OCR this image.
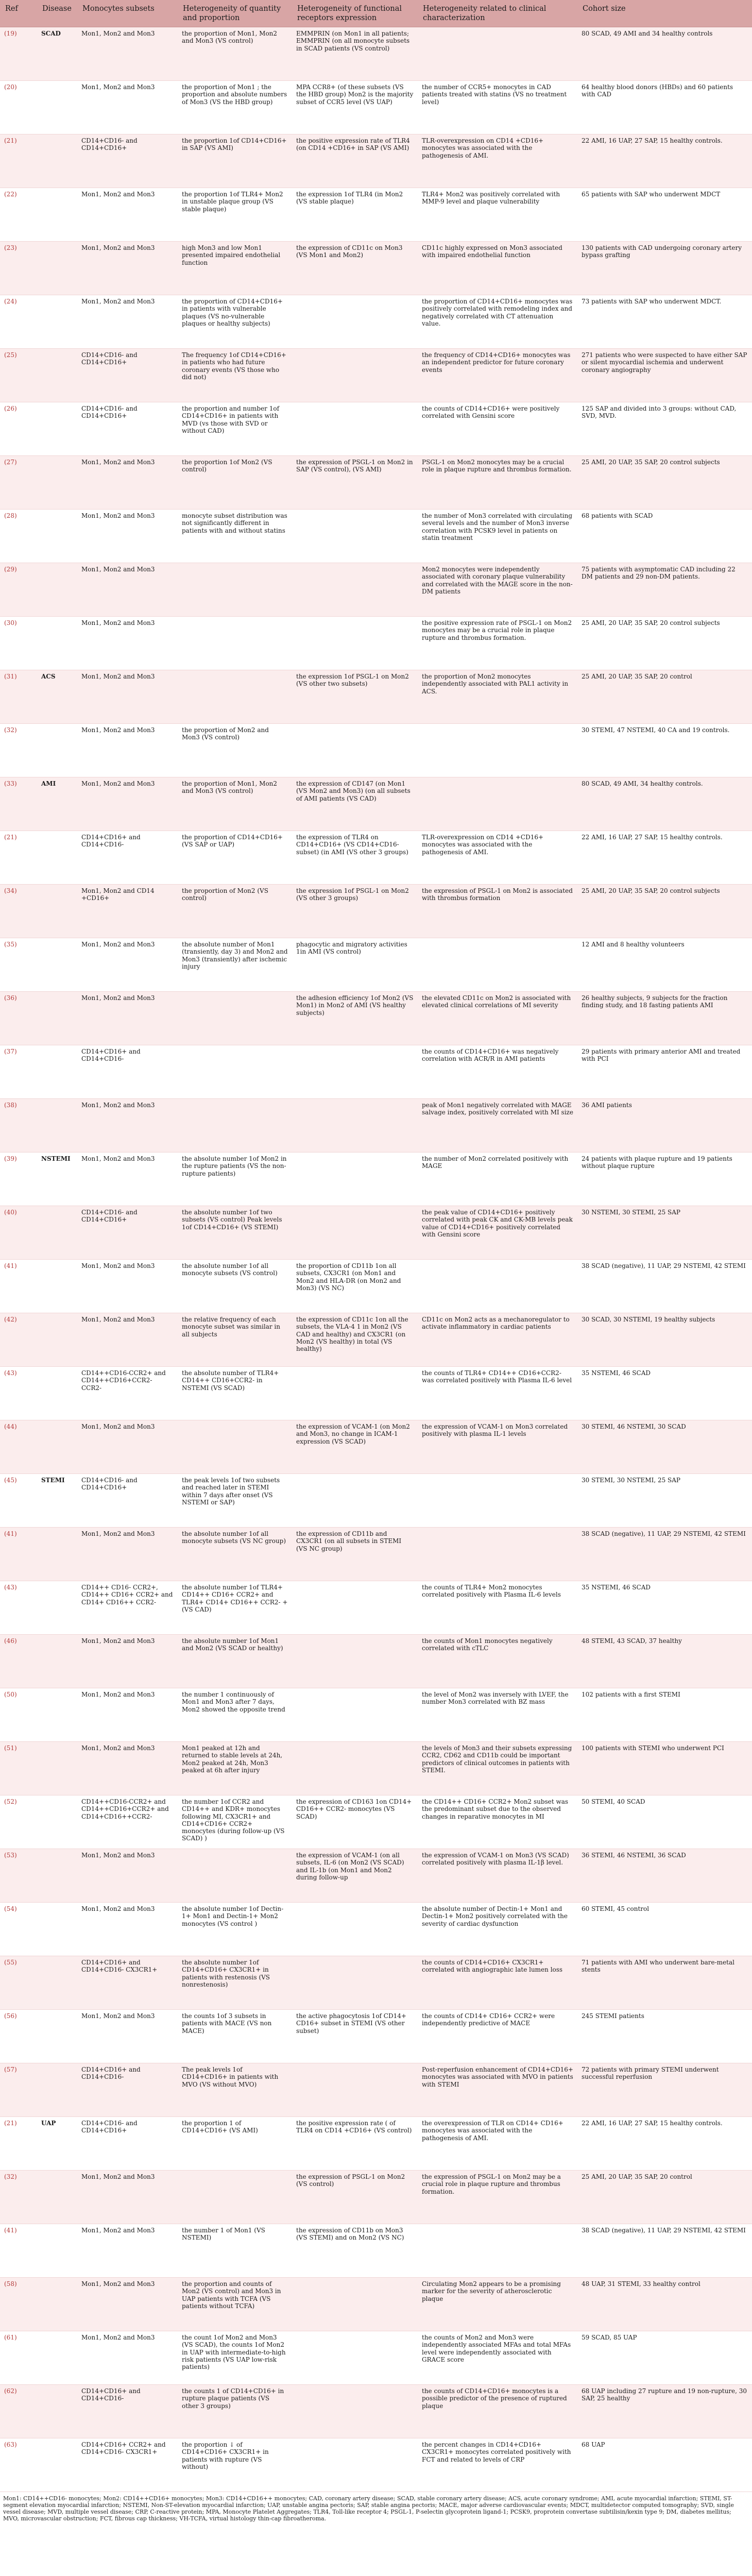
Ref	Disease	Monocytes subsets	Heterogeneity of quantity and proportion	Heterogeneity of functional receptors expression	Heterogeneity related to clinical characterization	Cohort size
(19)	SCAD	Mon1, Mon2 and Mon3	the proportion of Mon1, Mon2 and Mon3 (VS control)	EMMPRIN (on Mon1 in all patients; EMMPRIN (on all monocyte subsets in SCAD patients (VS control)		80 SCAD, 49 AMI and 34 healthy controls
(20)		Mon1, Mon2 and Mon3	the proportion of Mon1 ; the proportion and absolute numbers of Mon3 (VS the HBD group)	MPA CCR8+ (of these subsets (VS the HBD group) Mon2 is the majority subset of CCR5 level (VS UAP)	the number of CCR5+ monocytes in CAD patients treated with statins (VS no treatment level)	64 healthy blood donors (HBDs) and 60 patients with CAD
(21)		CD14+CD16- and CD14+CD16+	the proportion 1of CD14+CD16+ in SAP (VS AMI)	the positive expression rate of TLR4 (on CD14 +CD16+ in SAP (VS AMI)	TLR-overexpression on CD14 +CD16+ monocytes was associated with the pathogenesis of AMI.	22 AMI, 16 UAP, 27 SAP, 15 healthy controls.
(22)		Mon1, Mon2 and Mon3	the proportion 1of TLR4+ Mon2 in unstable plaque group (VS stable plaque)	the expression 1of TLR4 (in Mon2 (VS stable plaque)	TLR4+ Mon2 was positively correlated with MMP-9 level and plaque vulnerability	65 patients with SAP who underwent MDCT
(23)		Mon1, Mon2 and Mon3	high Mon3 and low Mon1 presented impaired endothelial function	the expression of CD11c on Mon3 (VS Mon1 and Mon2)	CD11c highly expressed on Mon3 associated with impaired endothelial function	130 patients with CAD undergoing coronary artery bypass grafting
(24)		Mon1, Mon2 and Mon3	the proportion of CD14+CD16+ in patients with vulnerable plaques (VS no-vulnerable plaques or healthy subjects)		the proportion of CD14+CD16+ monocytes was positively correlated with remodeling index and negatively correlated with CT attenuation value.	73 patients with SAP who underwent MDCT.
(25)		CD14+CD16- and CD14+CD16+	The frequency 1of CD14+CD16+ in patients who had future coronary events (VS those who did not)		the frequency of CD14+CD16+ monocytes was an independent predictor for future coronary events	271 patients who were suspected to have either SAP or silent myocardial ischemia and underwent coronary angiography
(26)		CD14+CD16- and CD14+CD16+	the proportion and number 1of CD14+CD16+ in patients with MVD (vs those with SVD or without CAD)		the counts of CD14+CD16+ were positively correlated with Gensini score	125 SAP and divided into 3 groups: without CAD, SVD, MVD.
(27)		Mon1, Mon2 and Mon3	the proportion 1of Mon2 (VS control)	the expression of PSGL-1 on Mon2 in SAP (VS control), (VS AMI)	PSGL-1 on Mon2 monocytes may be a crucial role in plaque rupture and thrombus formation.	25 AMI, 20 UAP, 35 SAP, 20 control subjects
(28)		Mon1, Mon2 and Mon3	monocyte subset distribution was not significantly different in patients with and without statins		the number of Mon3 correlated with circulating several levels and the number of Mon3 inverse correlation with PCSK9 level in patients on statin treatment	68 patients with SCAD
(29)		Mon1, Mon2 and Mon3			Mon2 monocytes were independently associated with coronary plaque vulnerability and correlated with the MAGE score in the non-DM patients	75 patients with asymptomatic CAD including 22 DM patients and 29 non-DM patients.
(30)		Mon1, Mon2 and Mon3			the positive expression rate of PSGL-1 on Mon2 monocytes may be a crucial role in plaque rupture and thrombus formation.	25 AMI, 20 UAP, 35 SAP, 20 control subjects
(31)	ACS	Mon1, Mon2 and Mon3		the expression 1of PSGL-1 on Mon2 (VS other two subsets)	the proportion of Mon2 monocytes independently associated with PAL1 activity in ACS.	25 AMI, 20 UAP, 35 SAP, 20 control
(32)		Mon1, Mon2 and Mon3	the proportion of Mon2 and Mon3 (VS control)			30 STEMI, 47 NSTEMI, 40 CA and 19 controls.
(33)	AMI	Mon1, Mon2 and Mon3	the proportion of Mon1, Mon2 and Mon3 (VS control)	the expression of CD147 (on Mon1 (VS Mon2 and Mon3) (on all subsets of AMI patients (VS CAD)		80 SCAD, 49 AMI, 34 healthy controls.
(21)		CD14+CD16+ and CD14+CD16-	the proportion of CD14+CD16+ (VS SAP or UAP)	the expression of TLR4 on CD14+CD16+ (VS CD14+CD16- subset) (in AMI (VS other 3 groups)	TLR-overexpression on CD14 +CD16+ monocytes was associated with the pathogenesis of AMI.	22 AMI, 16 UAP, 27 SAP, 15 healthy controls.
(34)		Mon1, Mon2 and CD14 +CD16+	the proportion of Mon2 (VS control)	the expression 1of PSGL-1 on Mon2 (VS other 3 groups)	the expression of PSGL-1 on Mon2 is associated with thrombus formation	25 AMI, 20 UAP, 35 SAP, 20 control subjects
(35)		Mon1, Mon2 and Mon3	the absolute number of Mon1 (transiently, day 3) and Mon2 and Mon3 (transiently) after ischemic injury	phagocytic and migratory activities 1in AMI (VS control)		12 AMI and 8 healthy volunteers
(36)		Mon1, Mon2 and Mon3		the adhesion efficiency 1of Mon2 (VS Mon1) in Mon2 of AMI (VS healthy subjects)	the elevated CD11c on Mon2 is associated with elevated clinical correlations of MI severity	26 healthy subjects, 9 subjects for the fraction finding study, and 18 fasting patients AMI
(37)		CD14+CD16+ and CD14+CD16-			the counts of CD14+CD16+ was negatively correlation with ACR/R in AMI patients	29 patients with primary anterior AMI and treated with PCI
(38)		Mon1, Mon2 and Mon3			peak of Mon1 negatively correlated with MAGE salvage index, positively correlated with MI size	36 AMI patients
(39)	NSTEMI	Mon1, Mon2 and Mon3	the absolute number 1of Mon2 in the rupture patients (VS the non-rupture patients)		the number of Mon2 correlated positively with MAGE	24 patients with plaque rupture and 19 patients without plaque rupture
(40)		CD14+CD16- and CD14+CD16+	the absolute number 1of two subsets (VS control) Peak levels 1of CD14+CD16+ (VS STEMI)		the peak value of CD14+CD16+ positively correlated with peak CK and CK-MB levels peak value of CD14+CD16+ positively correlated with Gensini score	30 NSTEMI, 30 STEMI, 25 SAP
(41)		Mon1, Mon2 and Mon3	the absolute number 1of all monocyte subsets (VS control)	the proportion of CD11b 1on all subsets, CX3CR1 (on Mon1 and Mon2 and HLA-DR (on Mon2 and Mon3) (VS NC)		38 SCAD (negative), 11 UAP, 29 NSTEMI, 42 STEMI
(42)		Mon1, Mon2 and Mon3	the relative frequency of each monocyte subset was similar in all subjects	the expression of CD11c 1on all the subsets, the VLA-4 1 in Mon2 (VS CAD and healthy) and CX3CR1 (on Mon2 (VS healthy) in total (VS healthy)	CD11c on Mon2 acts as a mechanoregulator to activate inflammatory in cardiac patients	30 SCAD, 30 NSTEMI, 19 healthy subjects
(43)		CD14++CD16-CCR2+ and CD14++CD16+CCR2- CCR2-	the absolute number of TLR4+ CD14++ CD16+CCR2- in NSTEMI (VS SCAD)		the counts of TLR4+ CD14++ CD16+CCR2- was correlated positively with Plasma IL-6 level	35 NSTEMI, 46 SCAD
(44)		Mon1, Mon2 and Mon3		the expression of VCAM-1 (on Mon2 and Mon3, no change in ICAM-1 expression (VS SCAD)	the expression of VCAM-1 on Mon3 correlated positively with plasma IL-1 levels	30 STEMI, 46 NSTEMI, 30 SCAD
(45)	STEMI	CD14+CD16- and CD14+CD16+	the peak levels 1of two subsets and reached later in STEMI within 7 days after onset (VS NSTEMI or SAP)			30 STEMI, 30 NSTEMI, 25 SAP
(41)		Mon1, Mon2 and Mon3	the absolute number 1of all monocyte subsets (VS NC group)	the expression of CD11b and CX3CR1 (on all subsets in STEMI (VS NC group)		38 SCAD (negative), 11 UAP, 29 NSTEMI, 42 STEMI
(43)		CD14++ CD16- CCR2+, CD14++ CD16+ CCR2+ and CD14+ CD16++ CCR2-	the absolute number 1of TLR4+ CD14++ CD16+ CCR2+ and TLR4+ CD14+ CD16++ CCR2- + (VS CAD)		the counts of TLR4+ Mon2 monocytes correlated positively with Plasma IL-6 levels	35 NSTEMI, 46 SCAD
(46)		Mon1, Mon2 and Mon3	the absolute number 1of Mon1 and Mon2 (VS SCAD or healthy)		the counts of Mon1 monocytes negatively correlated with cTLC	48 STEMI, 43 SCAD, 37 healthy
(50)		Mon1, Mon2 and Mon3	the number 1 continuously of Mon1 and Mon3 after 7 days, Mon2 showed the opposite trend		the level of Mon2 was inversely with LVEF, the number Mon3 correlated with BZ mass	102 patients with a first STEMI
(51)		Mon1, Mon2 and Mon3	Mon1 peaked at 12h and returned to stable levels at 24h, Mon2 peaked at 24h, Mon3 peaked at 6h after injury		the levels of Mon3 and their subsets expressing CCR2, CD62 and CD11b could be important predictors of clinical outcomes in patients with STEMI.	100 patients with STEMI who underwent PCI
(52)		CD14++CD16-CCR2+ and CD14++CD16+CCR2+ and CD14+CD16++CCR2-	the number 1of CCR2 and CD14++ and KDR+ monocytes following MI, CX3CR1+ and CD14+CD16+ CCR2+ monocytes (during follow-up (VS SCAD) )	the expression of CD163 1on CD14+ CD16++ CCR2- monocytes (VS SCAD)	the CD14++ CD16+ CCR2+ Mon2 subset was the predominant subset due to the observed changes in reparative monocytes in MI	50 STEMI, 40 SCAD
(53)		Mon1, Mon2 and Mon3		the expression of VCAM-1 (on all subsets, IL-6 (on Mon2 (VS SCAD) and IL-1b (on Mon1 and Mon2 during follow-up	the expression of VCAM-1 on Mon3 (VS SCAD) correlated positively with plasma IL-1β level.	36 STEMI, 46 NSTEMI, 36 SCAD
(54)		Mon1, Mon2 and Mon3	the absolute number 1of Dectin-1+ Mon1 and Dectin-1+ Mon2 monocytes (VS control )		the absolute number of Dectin-1+ Mon1 and Dectin-1+ Mon2 positively correlated with the severity of cardiac dysfunction	60 STEMI, 45 control
(55)		CD14+CD16+ and CD14+CD16- CX3CR1+	the absolute number 1of CD14+CD16+ CX3CR1+ in patients with restenosis (VS nonrestenosis)		the counts of CD14+CD16+ CX3CR1+ correlated with angiographic late lumen loss	71 patients with AMI who underwent bare-metal stents
(56)		Mon1, Mon2 and Mon3	the counts 1of 3 subsets in patients with MACE (VS non MACE)	the active phagocytosis 1of CD14+ CD16+ subset in STEMI (VS other subset)	the counts of CD14+ CD16+ CCR2+ were independently predictive of MACE	245 STEMI patients
(57)		CD14+CD16+ and CD14+CD16-	The peak levels 1of CD14+CD16+ in patients with MVO (VS without MVO)		Post-reperfusion enhancement of CD14+CD16+ monocytes was associated with MVO in patients with STEMI	72 patients with primary STEMI underwent successful reperfusion
(21)	UAP	CD14+CD16- and CD14+CD16+	the proportion 1 of CD14+CD16+ (VS AMI)	the positive expression rate ( of TLR4 on CD14 +CD16+ (VS control)	the overexpression of TLR on CD14+ CD16+ monocytes was associated with the pathogenesis of AMI.	22 AMI, 16 UAP, 27 SAP, 15 healthy controls.
(32)		Mon1, Mon2 and Mon3		the expression of PSGL-1 on Mon2 (VS control)	the expression of PSGL-1 on Mon2 may be a crucial role in plaque rupture and thrombus formation.	25 AMI, 20 UAP, 35 SAP, 20 control
(41)		Mon1, Mon2 and Mon3	the number 1 of Mon1 (VS NSTEMI)	the expression of CD11b on Mon3 (VS STEMI) and on Mon2 (VS NC)		38 SCAD (negative), 11 UAP, 29 NSTEMI, 42 STEMI
(58)		Mon1, Mon2 and Mon3	the proportion and counts of Mon2 (VS control) and Mon3 in UAP patients with TCFA (VS patients without TCFA)		Circulating Mon2 appears to be a promising marker for the severity of atherosclerotic plaque	48 UAP, 31 STEMI, 33 healthy control
(61)		Mon1, Mon2 and Mon3	the count 1of Mon2 and Mon3 (VS SCAD), the counts 1of Mon2 in UAP with intermediate-to-high risk patients (VS UAP low-risk patients)		the counts of Mon2 and Mon3 were independently associated MFAs and total MFAs level were independently associated with GRACE score	59 SCAD, 85 UAP
(62)		CD14+CD16+ and CD14+CD16-	the counts 1 of CD14+CD16+ in rupture plaque patients (VS other 3 groups)		the counts of CD14+CD16+ monocytes is a possible predictor of the presence of ruptured plaque	68 UAP including 27 rupture and 19 non-rupture, 30 SAP, 25 healthy
(63)		CD14+CD16+ CCR2+ and CD14+CD16- CX3CR1+	the proportion ↓ of CD14+CD16+ CX3CR1+ in patients with rupture (VS without)		the percent changes in CD14+CD16+ CX3CR1+ monocytes correlated positively with FCT and related to levels of CRP	68 UAP
Mon1: CD14++CD16- monocytes; Mon2: CD14++CD16+ monocytes; Mon3: CD14+CD16++ monocytes; CAD, coronary artery disease; SCAD, stable coronary artery disease; ACS, acute coronary syndrome; AMI, acute myocardial infarction; STEMI, ST-segment elevation myocardial infarction; NSTEMI, Non-ST-elevation myocardial infarction; UAP, unstable angina pectoris; SAP, stable angina pectoris; MACE, major adverse cardiovascular events; MDCT, multidetector computed tomography; SVD, single vessel disease; MVD, multiple vessel disease; CRP, C-reactive protein; MPA, Monocyte Platelet Aggregates; TLR4, Toll-like receptor 4; PSGL-1, P-selectin glycoprotein ligand-1; PCSK9, proprotein convertase subtilisin/kexin type 9; DM, diabetes mellitus; MVO, microvascular obstruction; FCT, fibrous cap thickness; VH-TCFA, virtual histology thin-cap fibroatheroma.
